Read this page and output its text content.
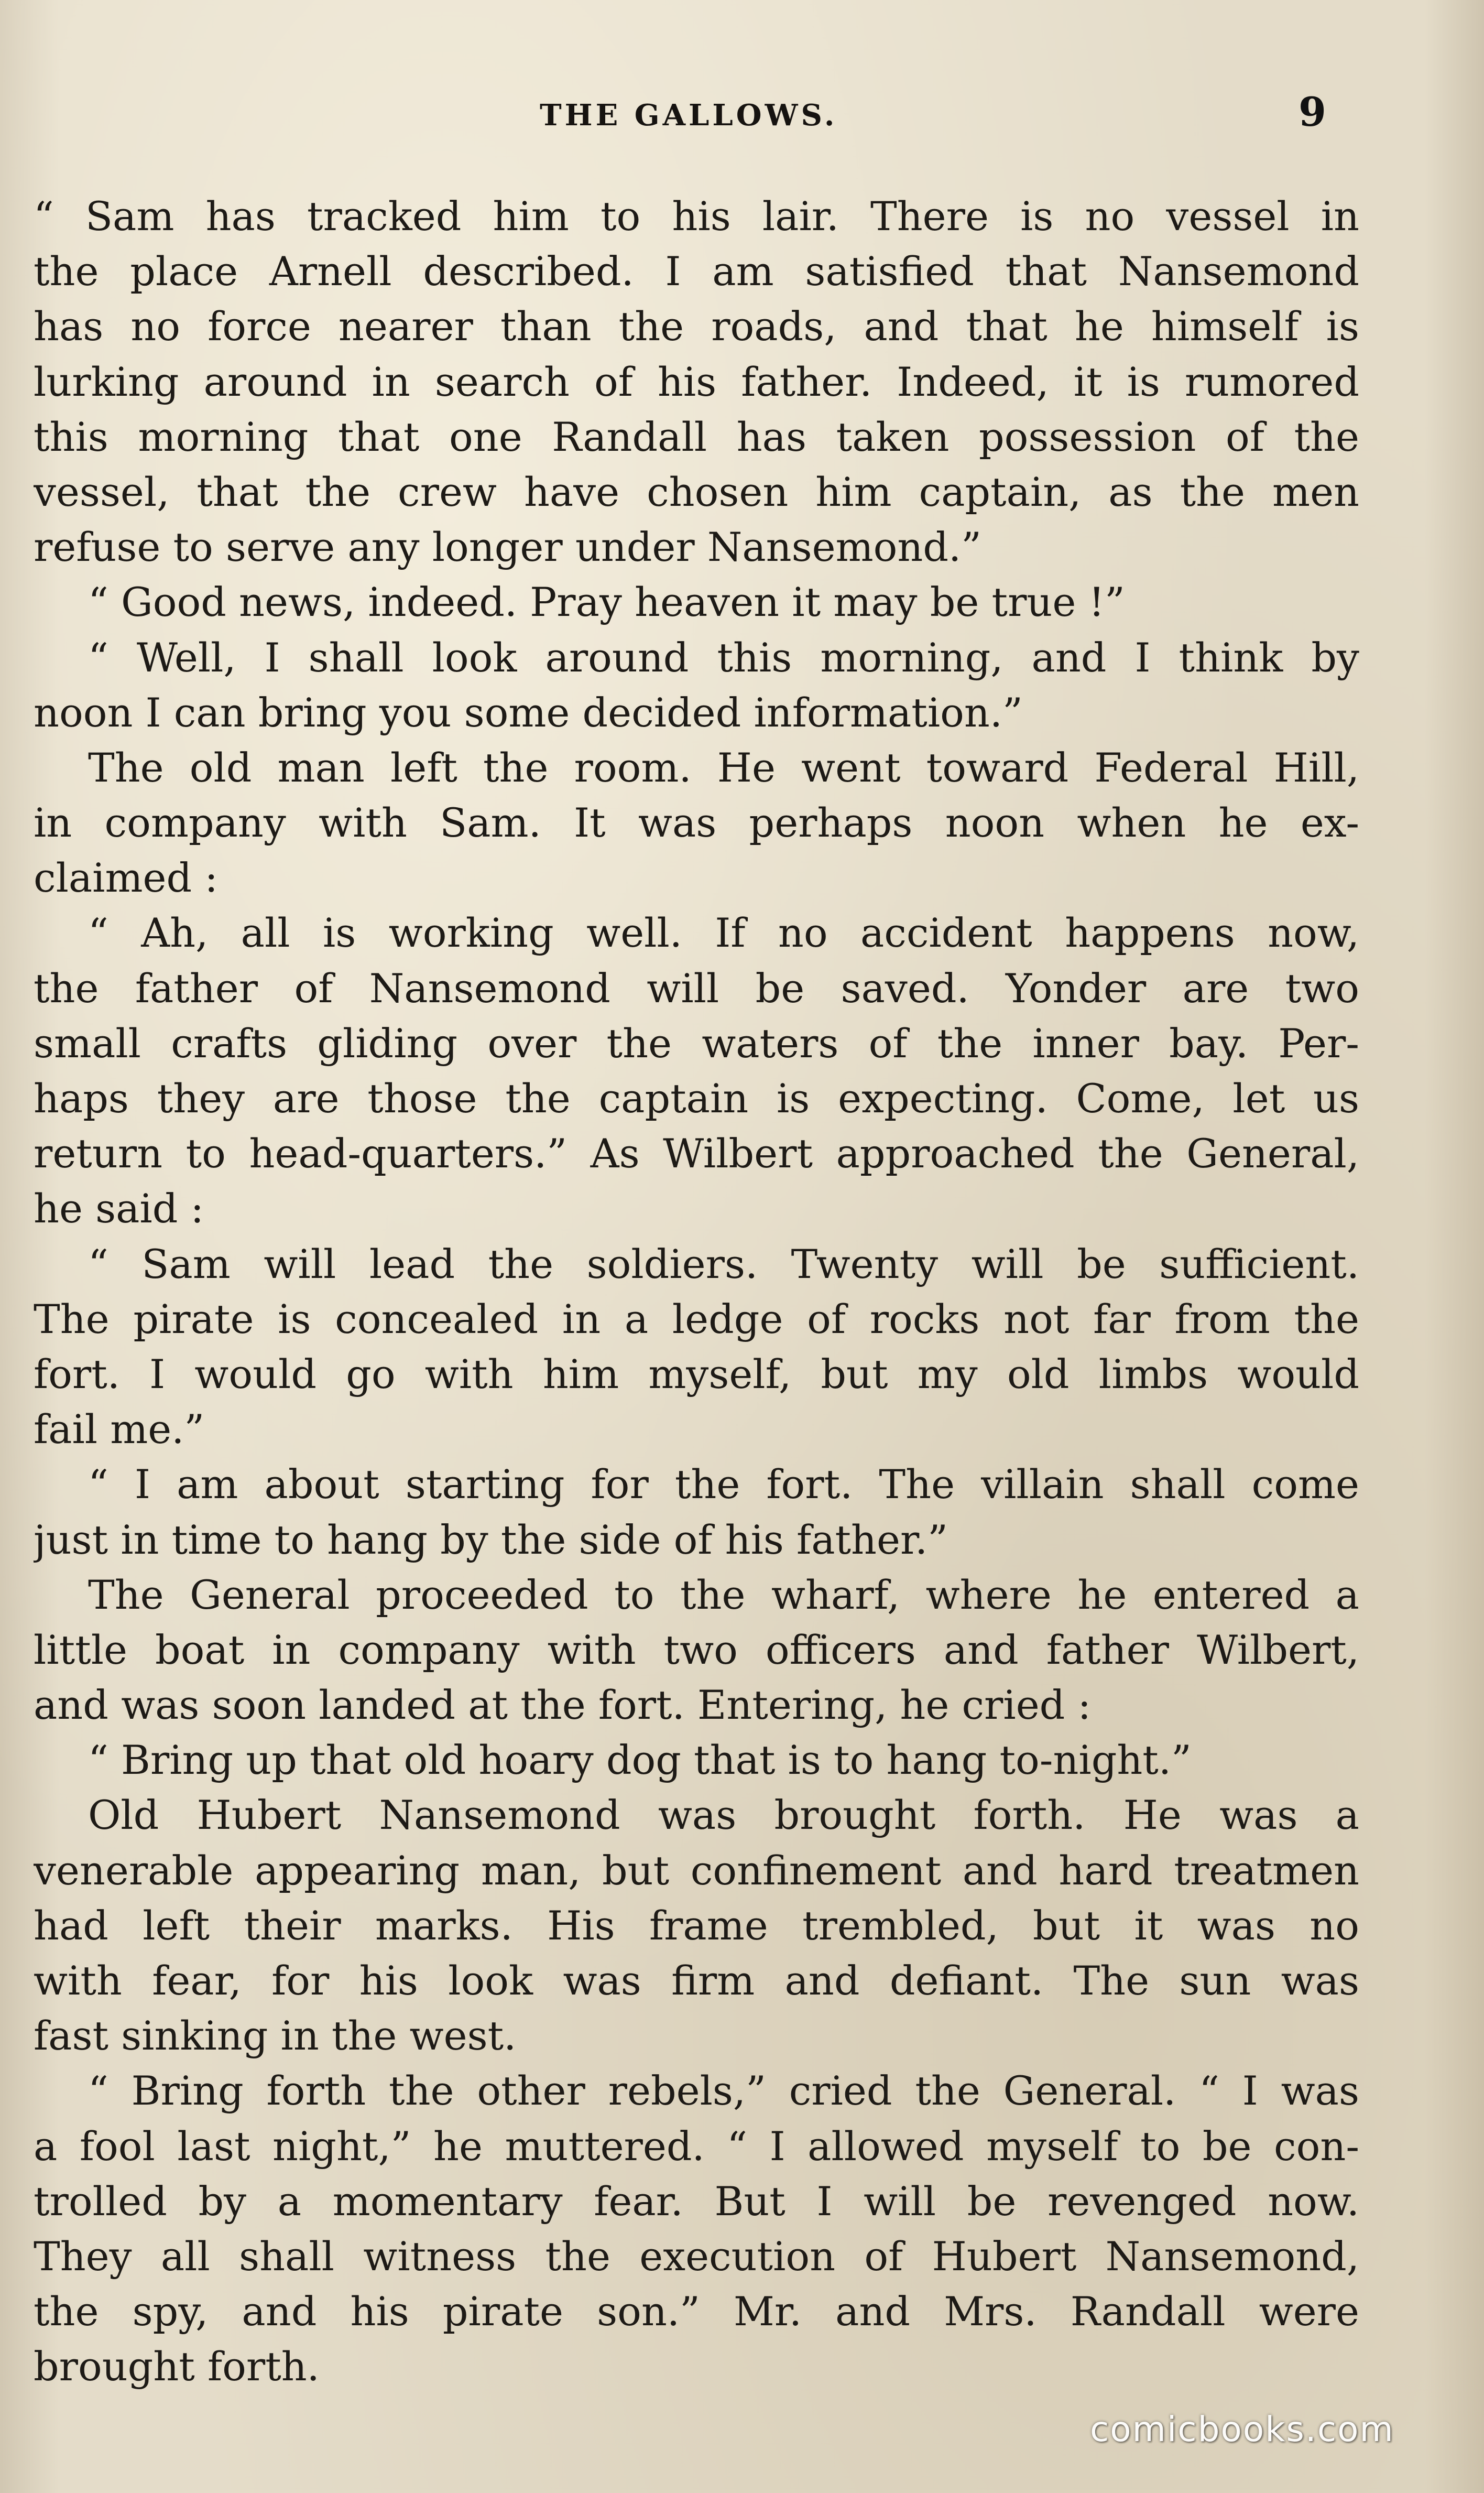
THE GALLOWS.	9
“ Sam has tracked him to his lair. There is no vessel in
the place Arnell described. I am satisfied that Nansemond
has no force nearer than the roads, and that he himself is
lurking around in search of his father. Indeed, it is rumored
this morning that one Randall has taken possession of the
vessel, that the crew have chosen him captain, as the men
refuse to serve any longer under Nansemond.”
“ Good news, indeed. Pray heaven it may be true !”
“ Well, I shall look around this morning, and I think by
noon I can bring you some decided information.”
The old man left the room. He went toward Federal Hill,
in company with Sam. It was perhaps noon when he ex-
claimed :
“ Ah, all is working well. If no accident happens now,
the father of Nansemond will be saved. Yonder are two
small crafts gliding over the waters of the inner bay. Per-
haps they are those the captain is expecting. Come, let us
return to head-quarters.” As Wilbert approached the General,
he said :
“ Sam will lead the soldiers. Twenty will be sufficient.
The pirate is concealed in a ledge of rocks not far from the
fort. I would go with him myself, but my old limbs would
fail me.”
“ I am about starting for the fort. The villain shall come
just in time to hang by the side of his father.”
The General proceeded to the wharf, where he entered a
little boat in company with two officers and father Wilbert,
and was soon landed at the fort. Entering, he cried :
“ Bring up that old hoary dog that is to hang to-night.”
Old Hubert Nansemond was brought forth. He was a
venerable appearing man, but confinement and hard treatmen
had left their marks. His frame trembled, but it was no
with fear, for his look was firm and defiant. The sun was
fast sinking in the west.
“ Bring forth the other rebels,” cried the General. “ I was
a fool last night,” he muttered. “ I allowed myself to be con-
trolled by a momentary fear. But I will be revenged now.
They all shall witness the execution of Hubert Nansemond,
the spy, and his pirate son.” Mr. and Mrs. Randall were
brought forth.
comicbooks.com
